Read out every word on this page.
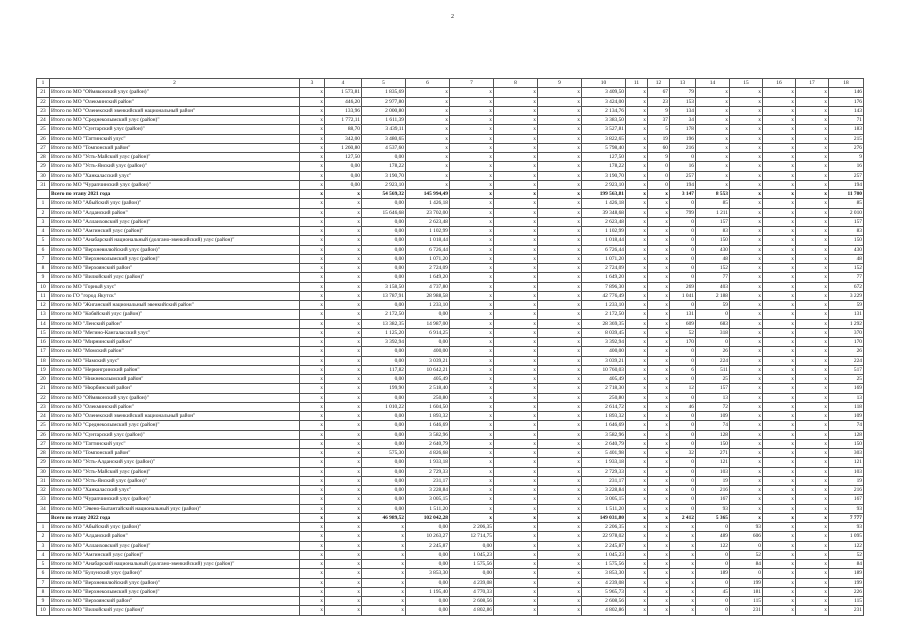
2
1	2	3	4	5	6	7	8	9	10	11	12	13	14	15	16	17	18
21	Итого по МО "Оймяконский улус (район)"	x	1 573,81	1 835,69	x	x	x	x	3 409,50	x	67	79	x	x	x	x	146
22	Итого по МО "Олекминский район"	x	446,20	2 977,80	x	x	x	x	3 424,00	x	23	153	x	x	x	x	176
23	Итого по МО "Оленекский эвенкийский национальный район"	x	133,96	2 000,80	x	x	x	x	2 134,76	x	9	134	x	x	x	x	143
24	Итого по МО "Среднеколымский улус (район)"	x	1 772,11	1 611,39	x	x	x	x	3 383,50	x	37	34	x	x	x	x	71
25	Итого по МО "Сунтарский улус (район)"	x	88,70	3 439,11	x	x	x	x	3 527,81	x	5	178	x	x	x	x	183
26	Итого по МО "Таттинский улус"	x	342,00	3 480,65	x	x	x	x	3 822,65	x	19	196	x	x	x	x	215
27	Итого по МО "Томпонский район"	x	1 260,80	4 537,60	x	x	x	x	5 798,40	x	60	216	x	x	x	x	276
28	Итого по МО "Усть-Майский улус (район)"	x	127,50	0,00	x	x	x	x	127,50	x	9	0	x	x	x	x	9
29	Итого по МО "Усть-Янский улус (район)"	x	0,00	178,22	x	x	x	x	178,22	x	0	16	x	x	x	x	16
30	Итого по МО "Ханкаласский улус"	x	0,00	3 190,70	x	x	x	x	3 190,70	x	0	257	x	x	x	x	257
31	Итого по МО "Чурапчинский улус (район)"	x	0,00	2 923,10	x	x	x	x	2 923,10	x	0	194	x	x	x	x	194
	Всего по этапу 2021 года	x	x	54 569,32	145 994,49	x	x	x	199 563,81	x	x	3 147	8 553	x	x	x	11 700
1	Итого по МО "Абыйский улус (район)"	x	x	0,00	1 426,18	x	x	x	1 426,18	x	x	0	85	x	x	x	85
2	Итого по МО "Алданский район"	x	x	15 646,68	23 702,00	x	x	x	39 348,68	x	x	799	1 211	x	x	x	2 010
3	Итого по МО "Аллаиховский улус (район)"	x	x	0,00	2 623,48	x	x	x	2 623,48	x	x	0	157	x	x	x	157
4	Итого по МО "Амгинский улус (район)"	x	x	0,00	1 102,99	x	x	x	1 102,99	x	x	0	83	x	x	x	83
5	Итого по МО "Анабарский национальный (долгано-эвенкийский) улус (район)"	x	x	0,00	1 018,44	x	x	x	1 018,44	x	x	0	150	x	x	x	150
6	Итого по МО "Верхневилюйский улус (район)"	x	x	0,00	6 726,44	x	x	x	6 726,44	x	x	0	430	x	x	x	430
7	Итого по МО "Верхнеколымский улус (район)"	x	x	0,00	1 071,20	x	x	x	1 071,20	x	x	0	48	x	x	x	48
8	Итого по МО "Верхоянский район"	x	x	0,00	2 724,09	x	x	x	2 724,09	x	x	0	152	x	x	x	152
9	Итого по МО "Вилюйский улус (район)"	x	x	0,00	1 649,20	x	x	x	1 649,20	x	x	0	77	x	x	x	77
10	Итого по МО "Горный улус"	x	x	3 158,50	4 737,80	x	x	x	7 896,30	x	x	269	403	x	x	x	672
11	Итого по ГО "город Якутск"	x	x	13 787,91	28 988,58	x	x	x	42 776,49	x	x	1 041	2 188	x	x	x	3 229
12	Итого по МО "Жиганский национальный эвенкийский район"	x	x	0,00	1 233,10	x	x	x	1 233,10	x	x	0	59	x	x	x	59
13	Итого по МО "Кобяйский улус (район)"	x	x	2 172,50	0,00	x	x	x	2 172,50	x	x	131	0	x	x	x	131
14	Итого по МО "Ленский район"	x	x	13 382,35	14 987,00	x	x	x	28 369,35	x	x	609	683	x	x	x	1 292
15	Итого по МО "Мегино-Кангаласский улус"	x	x	1 125,20	6 914,25	x	x	x	8 039,45	x	x	52	318	x	x	x	370
16	Итого по МО "Мирнинский район"	x	x	3 392,94	0,00	x	x	x	3 392,94	x	x	170	0	x	x	x	170
17	Итого по МО "Момский район"	x	x	0,00	400,00	x	x	x	400,00	x	x	0	26	x	x	x	26
18	Итого по МО "Намский улус"	x	x	0,00	3 039,21	x	x	x	3 039,21	x	x	0	224	x	x	x	224
19	Итого по МО "Нерюнгринский район"	x	x	117,82	10 642,21	x	x	x	10 760,03	x	x	6	511	x	x	x	517
20	Итого по МО "Нижнеколымский район"	x	x	0,00	405,49	x	x	x	405,49	x	x	0	25	x	x	x	25
21	Итого по МО "Нюрбинский район"	x	x	199,90	2 518,40	x	x	x	2 718,30	x	x	12	157	x	x	x	169
22	Итого по МО "Оймяконский улус (район)"	x	x	0,00	250,80	x	x	x	250,80	x	x	0	13	x	x	x	13
23	Итого по МО "Олекминский район"	x	x	1 010,22	1 604,50	x	x	x	2 614,72	x	x	46	72	x	x	x	118
24	Итого по МО "Оленекский эвенкийский национальный район"	x	x	0,00	1 893,32	x	x	x	1 893,32	x	x	0	109	x	x	x	109
25	Итого по МО "Среднеколымский улус (район)"	x	x	0,00	1 646,69	x	x	x	1 646,69	x	x	0	74	x	x	x	74
26	Итого по МО "Сунтарский улус (район)"	x	x	0,00	3 582,96	x	x	x	3 582,96	x	x	0	128	x	x	x	128
27	Итого по МО "Таттинский улус"	x	x	0,00	2 640,79	x	x	x	2 640,79	x	x	0	150	x	x	x	150
28	Итого по МО "Томпонский район"	x	x	575,30	4 826,68	x	x	x	5 401,98	x	x	32	271	x	x	x	303
29	Итого по МО "Усть-Алданский улус (район)"	x	x	0,00	1 933,18	x	x	x	1 933,18	x	x	0	121	x	x	x	121
30	Итого по МО "Усть-Майский улус (район)"	x	x	0,00	2 729,33	x	x	x	2 729,33	x	x	0	103	x	x	x	103
31	Итого по МО "Усть-Янский улус (район)"	x	x	0,00	231,17	x	x	x	231,17	x	x	0	19	x	x	x	19
32	Итого по МО "Ханкаласский улус"	x	x	0,00	3 228,84	x	x	x	3 228,84	x	x	0	216	x	x	x	216
33	Итого по МО "Чурапчинский улус (район)"	x	x	0,00	3 005,15	x	x	x	3 005,15	x	x	0	167	x	x	x	167
34	Итого по МО "Эвено-Бытантайский национальный улус (район)"	x	x	0,00	1 511,20	x	x	x	1 511,20	x	x	0	93	x	x	x	93
	Всего по этапу 2022 года	x	x	46 989,52	102 042,28	x	x	x	149 031,80	x	x	2 412	5 365	x	x	x	7 777
1	Итого по МО "Абыйский улус (район)"	x	x	x	0,00	2 206,35	x	x	2 206,35	x	x	x	0	93	x	x	93
2	Итого по МО "Алданский район"	x	x	x	10 263,27	12 714,75	x	x	22 978,02	x	x	x	489	606	x	x	1 095
3	Итого по МО "Аллаиховский улус (район)"	x	x	x	2 245,87	0,00	x	x	2 245,87	x	x	x	122	0	x	x	122
4	Итого по МО "Амгинский улус (район)"	x	x	x	0,00	1 045,23	x	x	1 045,23	x	x	x	0	52	x	x	52
5	Итого по МО "Анабарский национальный (долгано-эвенкийский) улус (район)"	x	x	x	0,00	1 575,56	x	x	1 575,56	x	x	x	0	84	x	x	84
6	Итого по МО "Булунский улус (район)"	x	x	x	3 853,30	0,00	x	x	3 853,30	x	x	x	189	0	x	x	189
7	Итого по МО "Верхневилюйский улус (район)"	x	x	x	0,00	4 239,08	x	x	4 239,08	x	x	x	0	199	x	x	199
8	Итого по МО "Верхнеколымский улус (район)"	x	x	x	1 195,40	4 770,33	x	x	5 965,73	x	x	x	45	181	x	x	226
9	Итого по МО "Верхоянский район"	x	x	x	0,00	2 608,56	x	x	2 608,56	x	x	x	0	115	x	x	115
10	Итого по МО "Вилюйский улус (район)"	x	x	x	0,00	4 802,86	x	x	4 802,86	x	x	x	0	231	x	x	231
